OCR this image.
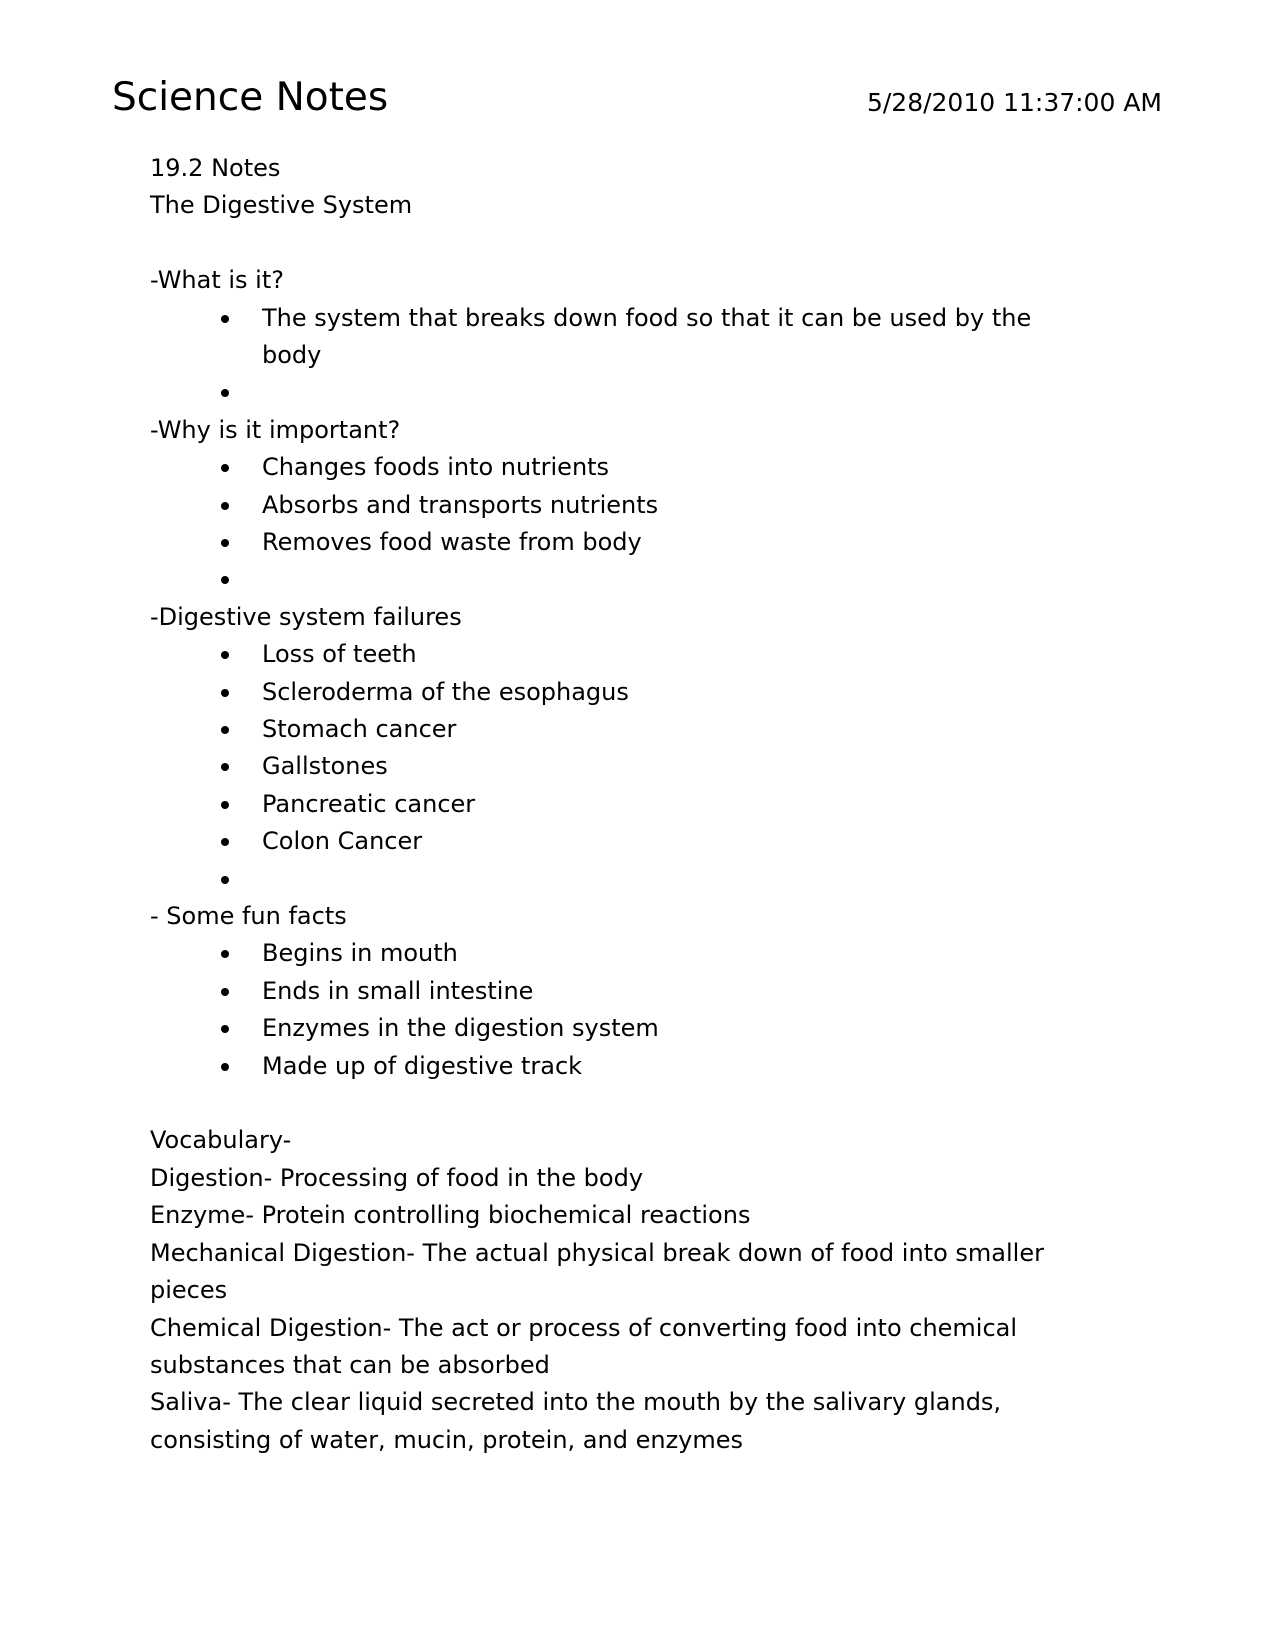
Science Notes	5/28/2010 11:37:00 AM

19.2 Notes

The Digestive System

-What is it?

The system that breaks down food so that it can be used by the body

-Why is it important?

Changes foods into nutrients
Absorbs and transports nutrients
Removes food waste from body

-Digestive system failures

Loss of teeth
Scleroderma of the esophagus
Stomach cancer
Gallstones
Pancreatic cancer
Colon Cancer

- Some fun facts

Begins in mouth
Ends in small intestine
Enzymes in the digestion system
Made up of digestive track

Vocabulary-

Digestion- Processing of food in the body

Enzyme- Protein controlling biochemical reactions

Mechanical Digestion- The actual physical break down of food into smaller pieces

Chemical Digestion- The act or process of converting food into chemical substances that can be absorbed

Saliva- The clear liquid secreted into the mouth by the salivary glands, consisting of water, mucin, protein, and enzymes
